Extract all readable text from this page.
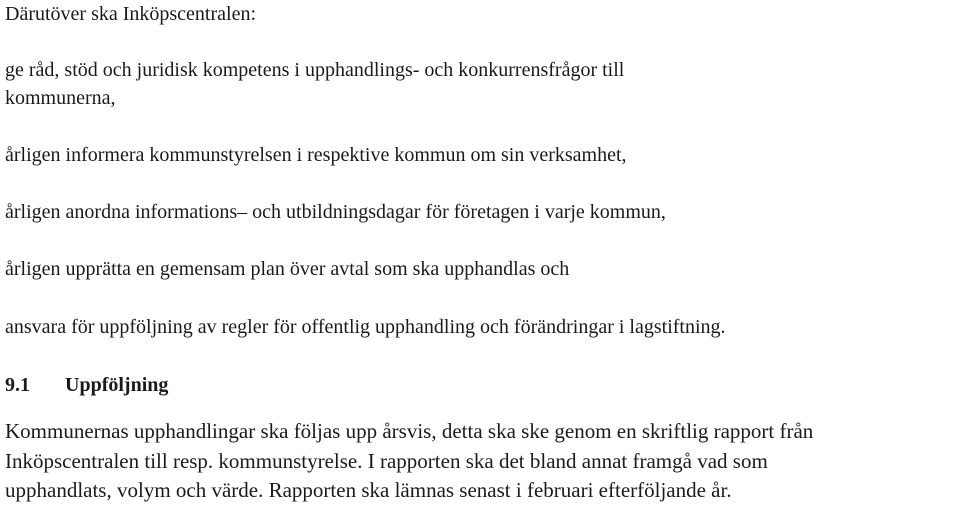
Därutöver ska Inköpscentralen:
ge råd, stöd och juridisk kompetens i upphandlings- och konkurrensfrågor till
kommunerna,
årligen informera kommunstyrelsen i respektive kommun om sin verksamhet,
årligen anordna informations– och utbildningsdagar för företagen i varje kommun,
årligen upprätta en gemensam plan över avtal som ska upphandlas och
ansvara för uppföljning av regler för offentlig upphandling och förändringar i lagstiftning.
9.1 Uppföljning
Kommunernas upphandlingar ska följas upp årsvis, detta ska ske genom en skriftlig rapport från
Inköpscentralen till resp. kommunstyrelse. I rapporten ska det bland annat framgå vad som
upphandlats, volym och värde. Rapporten ska lämnas senast i februari efterföljande år.
